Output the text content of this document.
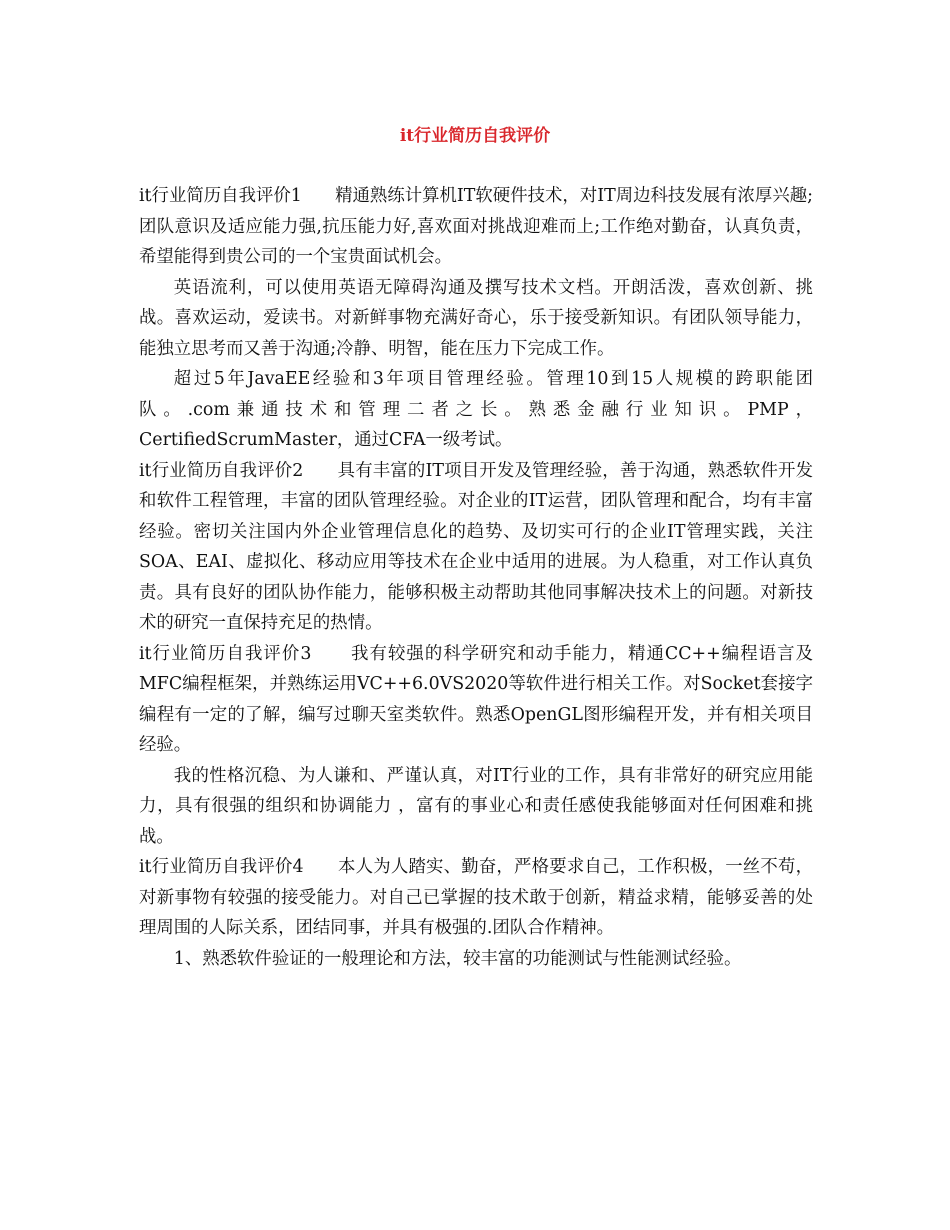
it行业简历自我评价

it行业简历自我评价1 精通熟练计算机IT软硬件技术，对IT周边科技发展有浓厚兴趣;团队意识及适应能力强,抗压能力好,喜欢面对挑战迎难而上;工作绝对勤奋，认真负责，希望能得到贵公司的一个宝贵面试机会。

英语流利，可以使用英语无障碍沟通及撰写技术文档。开朗活泼，喜欢创新、挑战。喜欢运动，爱读书。对新鲜事物充满好奇心，乐于接受新知识。有团队领导能力，能独立思考而又善于沟通;冷静、明智，能在压力下完成工作。

超过5年JavaEE经验和3年项目管理经验。管理10到15人规模的跨职能团队。.com兼通技术和管理二者之长。熟悉金融行业知识。PMP，CertifiedScrumMaster，通过CFA一级考试。

it行业简历自我评价2 具有丰富的IT项目开发及管理经验，善于沟通，熟悉软件开发和软件工程管理，丰富的团队管理经验。对企业的IT运营，团队管理和配合，均有丰富经验。密切关注国内外企业管理信息化的趋势、及切实可行的企业IT管理实践，关注SOA、EAI、虚拟化、移动应用等技术在企业中适用的进展。为人稳重，对工作认真负责。具有良好的团队协作能力，能够积极主动帮助其他同事解决技术上的问题。对新技术的研究一直保持充足的热情。

it行业简历自我评价3 我有较强的科学研究和动手能力，精通CC++编程语言及MFC编程框架，并熟练运用VC++6.0VS2020等软件进行相关工作。对Socket套接字编程有一定的了解，编写过聊天室类软件。熟悉OpenGL图形编程开发，并有相关项目经验。

我的性格沉稳、为人谦和、严谨认真，对IT行业的工作，具有非常好的研究应用能力，具有很强的组织和协调能力 ，富有的事业心和责任感使我能够面对任何困难和挑战。

it行业简历自我评价4 本人为人踏实、勤奋，严格要求自己，工作积极，一丝不苟，对新事物有较强的接受能力。对自己已掌握的技术敢于创新，精益求精，能够妥善的处理周围的人际关系，团结同事，并具有极强的.团队合作精神。

1、熟悉软件验证的一般理论和方法，较丰富的功能测试与性能测试经验。
